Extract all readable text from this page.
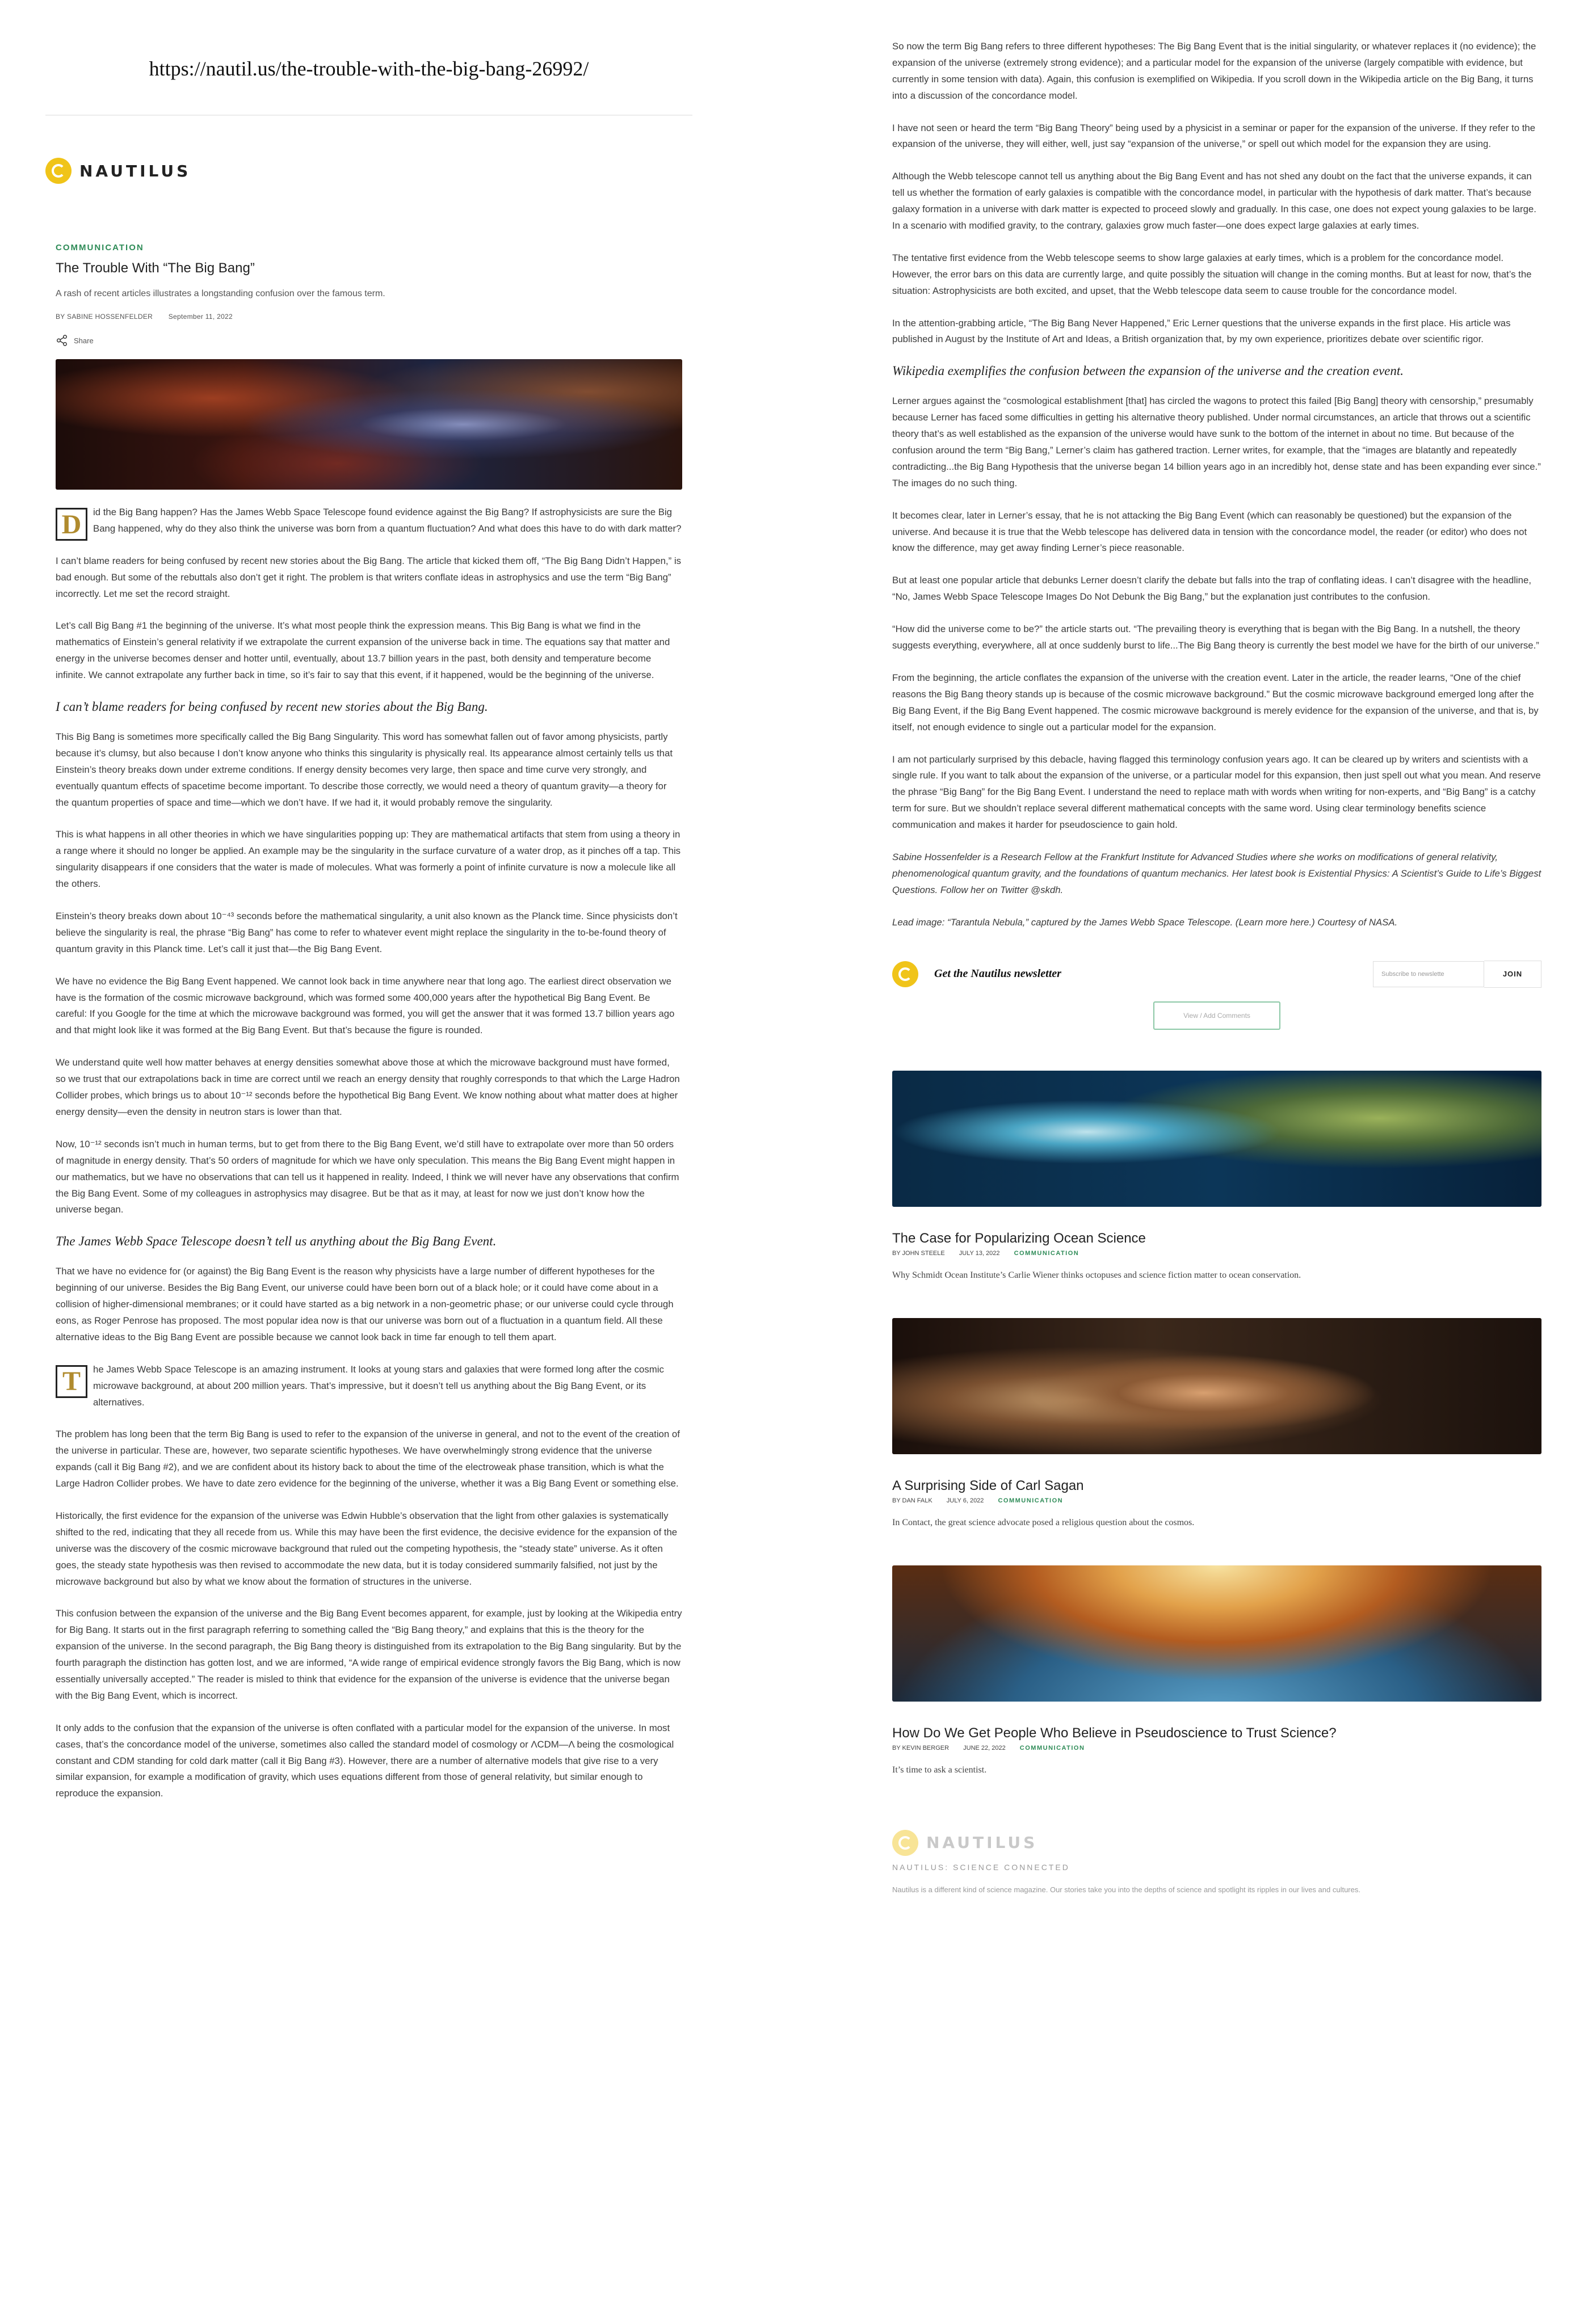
https://nautil.us/the-trouble-with-the-big-bang-26992/
NAUTILUS
COMMUNICATION
The Trouble With “The Big Bang”
A rash of recent articles illustrates a longstanding confusion over the famous term.
BY SABINE HOSSENFELDER September 11, 2022
Share
D	id the Big Bang happen? Has the James Webb Space Telescope found evidence against the Big Bang? If astrophysicists are sure the Big Bang happened, why do they also think the universe was born from a quantum fluctuation? And what does this have to do with dark matter?

I can’t blame readers for being confused by recent new stories about the Big Bang. The article that kicked them off, “The Big Bang Didn’t Happen,” is bad enough. But some of the rebuttals also don’t get it right. The problem is that writers conflate ideas in astrophysics and use the term “Big Bang” incorrectly. Let me set the record straight.

Let’s call Big Bang #1 the beginning of the universe. It’s what most people think the expression means. This Big Bang is what we find in the mathematics of Einstein’s general relativity if we extrapolate the current expansion of the universe back in time. The equations say that matter and energy in the universe becomes denser and hotter until, eventually, about 13.7 billion years in the past, both density and temperature become infinite. We cannot extrapolate any further back in time, so it’s fair to say that this event, if it happened, would be the beginning of the universe.

I can’t blame readers for being confused by recent new stories about the Big Bang.

This Big Bang is sometimes more specifically called the Big Bang Singularity. This word has somewhat fallen out of favor among physicists, partly because it’s clumsy, but also because I don’t know anyone who thinks this singularity is physically real. Its appearance almost certainly tells us that Einstein’s theory breaks down under extreme conditions. If energy density becomes very large, then space and time curve very strongly, and eventually quantum effects of spacetime become important. To describe those correctly, we would need a theory of quantum gravity—a theory for the quantum properties of space and time—which we don’t have. If we had it, it would probably remove the singularity.

This is what happens in all other theories in which we have singularities popping up: They are mathematical artifacts that stem from using a theory in a range where it should no longer be applied. An example may be the singularity in the surface curvature of a water drop, as it pinches off a tap. This singularity disappears if one considers that the water is made of molecules. What was formerly a point of infinite curvature is now a molecule like all the others.

Einstein’s theory breaks down about 10⁻⁴³ seconds before the mathematical singularity, a unit also known as the Planck time. Since physicists don’t believe the singularity is real, the phrase “Big Bang” has come to refer to whatever event might replace the singularity in the to-be-found theory of quantum gravity in this Planck time. Let’s call it just that—the Big Bang Event.

We have no evidence the Big Bang Event happened. We cannot look back in time anywhere near that long ago. The earliest direct observation we have is the formation of the cosmic microwave background, which was formed some 400,000 years after the hypothetical Big Bang Event. Be careful: If you Google for the time at which the microwave background was formed, you will get the answer that it was formed 13.7 billion years ago and that might look like it was formed at the Big Bang Event. But that’s because the figure is rounded.

We understand quite well how matter behaves at energy densities somewhat above those at which the microwave background must have formed, so we trust that our extrapolations back in time are correct until we reach an energy density that roughly corresponds to that which the Large Hadron Collider probes, which brings us to about 10⁻¹² seconds before the hypothetical Big Bang Event. We know nothing about what matter does at higher energy density—even the density in neutron stars is lower than that.

Now, 10⁻¹² seconds isn’t much in human terms, but to get from there to the Big Bang Event, we’d still have to extrapolate over more than 50 orders of magnitude in energy density. That’s 50 orders of magnitude for which we have only speculation. This means the Big Bang Event might happen in our mathematics, but we have no observations that can tell us it happened in reality. Indeed, I think we will never have any observations that confirm the Big Bang Event. Some of my colleagues in astrophysics may disagree. But be that as it may, at least for now we just don’t know how the universe began.

The James Webb Space Telescope doesn’t tell us anything about the Big Bang Event.

That we have no evidence for (or against) the Big Bang Event is the reason why physicists have a large number of different hypotheses for the beginning of our universe. Besides the Big Bang Event, our universe could have been born out of a black hole; or it could have come about in a collision of higher-dimensional membranes; or it could have started as a big network in a non-geometric phase; or our universe could cycle through eons, as Roger Penrose has proposed. The most popular idea now is that our universe was born out of a fluctuation in a quantum field. All these alternative ideas to the Big Bang Event are possible because we cannot look back in time far enough to tell them apart.

T	he James Webb Space Telescope is an amazing instrument. It looks at young stars and galaxies that were formed long after the cosmic microwave background, at about 200 million years. That’s impressive, but it doesn’t tell us anything about the Big Bang Event, or its alternatives.

The problem has long been that the term Big Bang is used to refer to the expansion of the universe in general, and not to the event of the creation of the universe in particular. These are, however, two separate scientific hypotheses. We have overwhelmingly strong evidence that the universe expands (call it Big Bang #2), and we are confident about its history back to about the time of the electroweak phase transition, which is what the Large Hadron Collider probes. We have to date zero evidence for the beginning of the universe, whether it was a Big Bang Event or something else.

Historically, the first evidence for the expansion of the universe was Edwin Hubble’s observation that the light from other galaxies is systematically shifted to the red, indicating that they all recede from us. While this may have been the first evidence, the decisive evidence for the expansion of the universe was the discovery of the cosmic microwave background that ruled out the competing hypothesis, the “steady state” universe. As it often goes, the steady state hypothesis was then revised to accommodate the new data, but it is today considered summarily falsified, not just by the microwave background but also by what we know about the formation of structures in the universe.

This confusion between the expansion of the universe and the Big Bang Event becomes apparent, for example, just by looking at the Wikipedia entry for Big Bang. It starts out in the first paragraph referring to something called the “Big Bang theory,” and explains that this is the theory for the expansion of the universe. In the second paragraph, the Big Bang theory is distinguished from its extrapolation to the Big Bang singularity. But by the fourth paragraph the distinction has gotten lost, and we are informed, “A wide range of empirical evidence strongly favors the Big Bang, which is now essentially universally accepted.” The reader is misled to think that evidence for the expansion of the universe is evidence that the universe began with the Big Bang Event, which is incorrect.

It only adds to the confusion that the expansion of the universe is often conflated with a particular model for the expansion of the universe. In most cases, that’s the concordance model of the universe, sometimes also called the standard model of cosmology or ΛCDM—Λ being the cosmological constant and CDM standing for cold dark matter (call it Big Bang #3). However, there are a number of alternative models that give rise to a very similar expansion, for example a modification of gravity, which uses equations different from those of general relativity, but similar enough to reproduce the expansion.

So now the term Big Bang refers to three different hypotheses: The Big Bang Event that is the initial singularity, or whatever replaces it (no evidence); the expansion of the universe (extremely strong evidence); and a particular model for the expansion of the universe (largely compatible with evidence, but currently in some tension with data). Again, this confusion is exemplified on Wikipedia. If you scroll down in the Wikipedia article on the Big Bang, it turns into a discussion of the concordance model.

I have not seen or heard the term “Big Bang Theory” being used by a physicist in a seminar or paper for the expansion of the universe. If they refer to the expansion of the universe, they will either, well, just say “expansion of the universe,” or spell out which model for the expansion they are using.

Although the Webb telescope cannot tell us anything about the Big Bang Event and has not shed any doubt on the fact that the universe expands, it can tell us whether the formation of early galaxies is compatible with the concordance model, in particular with the hypothesis of dark matter. That’s because galaxy formation in a universe with dark matter is expected to proceed slowly and gradually. In this case, one does not expect young galaxies to be large. In a scenario with modified gravity, to the contrary, galaxies grow much faster—one does expect large galaxies at early times.

The tentative first evidence from the Webb telescope seems to show large galaxies at early times, which is a problem for the concordance model. However, the error bars on this data are currently large, and quite possibly the situation will change in the coming months. But at least for now, that’s the situation: Astrophysicists are both excited, and upset, that the Webb telescope data seem to cause trouble for the concordance model.

In the attention-grabbing article, “The Big Bang Never Happened,” Eric Lerner questions that the universe expands in the first place. His article was published in August by the Institute of Art and Ideas, a British organization that, by my own experience, prioritizes debate over scientific rigor.

Wikipedia exemplifies the confusion between the expansion of the universe and the creation event.

Lerner argues against the “cosmological establishment [that] has circled the wagons to protect this failed [Big Bang] theory with censorship,” presumably because Lerner has faced some difficulties in getting his alternative theory published. Under normal circumstances, an article that throws out a scientific theory that’s as well established as the expansion of the universe would have sunk to the bottom of the internet in about no time. But because of the confusion around the term “Big Bang,” Lerner’s claim has gathered traction. Lerner writes, for example, that the “images are blatantly and repeatedly contradicting...the Big Bang Hypothesis that the universe began 14 billion years ago in an incredibly hot, dense state and has been expanding ever since.” The images do no such thing.

It becomes clear, later in Lerner’s essay, that he is not attacking the Big Bang Event (which can reasonably be questioned) but the expansion of the universe. And because it is true that the Webb telescope has delivered data in tension with the concordance model, the reader (or editor) who does not know the difference, may get away finding Lerner’s piece reasonable.

But at least one popular article that debunks Lerner doesn’t clarify the debate but falls into the trap of conflating ideas. I can’t disagree with the headline, “No, James Webb Space Telescope Images Do Not Debunk the Big Bang,” but the explanation just contributes to the confusion.

“How did the universe come to be?” the article starts out. “The prevailing theory is everything that is began with the Big Bang. In a nutshell, the theory suggests everything, everywhere, all at once suddenly burst to life...The Big Bang theory is currently the best model we have for the birth of our universe.”

From the beginning, the article conflates the expansion of the universe with the creation event. Later in the article, the reader learns, “One of the chief reasons the Big Bang theory stands up is because of the cosmic microwave background.” But the cosmic microwave background emerged long after the Big Bang Event, if the Big Bang Event happened. The cosmic microwave background is merely evidence for the expansion of the universe, and that is, by itself, not enough evidence to single out a particular model for the expansion.

I am not particularly surprised by this debacle, having flagged this terminology confusion years ago. It can be cleared up by writers and scientists with a single rule. If you want to talk about the expansion of the universe, or a particular model for this expansion, then just spell out what you mean. And reserve the phrase “Big Bang” for the Big Bang Event. I understand the need to replace math with words when writing for non-experts, and “Big Bang” is a catchy term for sure. But we shouldn’t replace several different mathematical concepts with the same word. Using clear terminology benefits science communication and makes it harder for pseudoscience to gain hold.

Sabine Hossenfelder is a Research Fellow at the Frankfurt Institute for Advanced Studies where she works on modifications of general relativity, phenomenological quantum gravity, and the foundations of quantum mechanics. Her latest book is Existential Physics: A Scientist’s Guide to Life’s Biggest Questions. Follow her on Twitter @skdh.

Lead image: “Tarantula Nebula,” captured by the James Webb Space Telescope. (Learn more here.) Courtesy of NASA.

Get the Nautilus newsletter	Subscribe to newslette	JOIN
View / Add Comments
The Case for Popularizing Ocean Science
BY JOHN STEELE JULY 13, 2022 COMMUNICATION
Why Schmidt Ocean Institute’s Carlie Wiener thinks octopuses and science fiction matter to ocean conservation.
A Surprising Side of Carl Sagan
BY DAN FALK JULY 6, 2022 COMMUNICATION
In Contact, the great science advocate posed a religious question about the cosmos.
How Do We Get People Who Believe in Pseudoscience to Trust Science?
BY KEVIN BERGER JUNE 22, 2022 COMMUNICATION
It’s time to ask a scientist.
NAUTILUS
NAUTILUS: SCIENCE CONNECTED
Nautilus is a different kind of science magazine. Our stories take you into the depths of science and spotlight its ripples in our lives and cultures.
